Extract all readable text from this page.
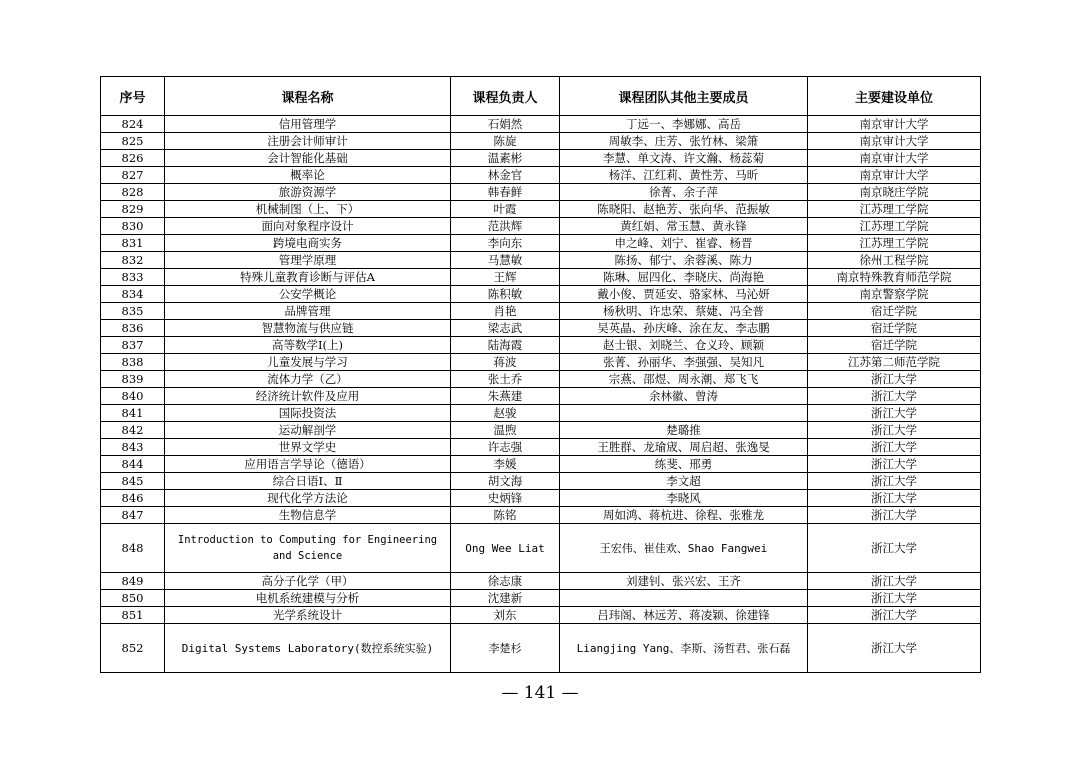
序号	课程名称	课程负责人	课程团队其他主要成员	主要建设单位
824	信用管理学	石娟然	丁远一、李娜娜、高岳	南京审计大学
825	注册会计师审计	陈旋	周敏李、庄芳、张竹林、梁箫	南京审计大学
826	会计智能化基础	温素彬	李慧、单文涛、许文瀚、杨蕊菊	南京审计大学
827	概率论	林金官	杨洋、江红莉、黄性芳、马昕	南京审计大学
828	旅游资源学	韩春鲜	徐菁、余子萍	南京晓庄学院
829	机械制图（上、下）	叶霞	陈晓阳、赵艳芳、张向华、范振敏	江苏理工学院
830	面向对象程序设计	范洪辉	黄红娟、常玉慧、黄永锋	江苏理工学院
831	跨境电商实务	李向东	申之峰、刘宁、崔睿、杨晋	江苏理工学院
832	管理学原理	马慧敏	陈扬、郁宁、余蓉溪、陈力	徐州工程学院
833	特殊儿童教育诊断与评估A	王辉	陈琳、屈四化、李晓庆、尚海艳	南京特殊教育师范学院
834	公安学概论	陈积敏	戴小俊、贾延安、骆家林、马沁妍	南京警察学院
835	品牌管理	肖艳	杨秋明、许忠荣、蔡婕、冯全普	宿迁学院
836	智慧物流与供应链	梁志武	吴英晶、孙庆峰、涂在友、李志鹏	宿迁学院
837	高等数学Ⅰ(上)	陆海霞	赵士银、刘晓兰、仓义玲、顾颖	宿迁学院
838	儿童发展与学习	蒋波	张菁、孙丽华、李强强、吴知凡	江苏第二师范学院
839	流体力学（乙）	张土乔	宗燕、邵煜、周永潮、郑飞飞	浙江大学
840	经济统计软件及应用	朱燕建	余林徽、曾涛	浙江大学
841	国际投资法	赵骏		浙江大学
842	运动解剖学	温煦	楚璐推	浙江大学
843	世界文学史	许志强	王胜群、龙瑜宬、周启超、张逸旻	浙江大学
844	应用语言学导论（德语）	李媛	练斐、邢勇	浙江大学
845	综合日语Ⅰ、Ⅱ	胡文海	李文超	浙江大学
846	现代化学方法论	史炳锋	李晓风	浙江大学
847	生物信息学	陈铭	周如鸿、蒋杭进、徐程、张雅龙	浙江大学
848	Introduction to Computing for Engineering and Science	Ong Wee Liat	王宏伟、崔佳欢、Shao Fangwei	浙江大学
849	高分子化学（甲）	徐志康	刘建钊、张兴宏、王齐	浙江大学
850	电机系统建模与分析	沈建新		浙江大学
851	光学系统设计	刘东	吕玮阁、林远芳、蒋凌颖、徐建锋	浙江大学
852	Digital Systems Laboratory(数控系统实验)	李楚杉	Liangjing Yang、李斯、汤哲君、张石磊	浙江大学
— 141 —
